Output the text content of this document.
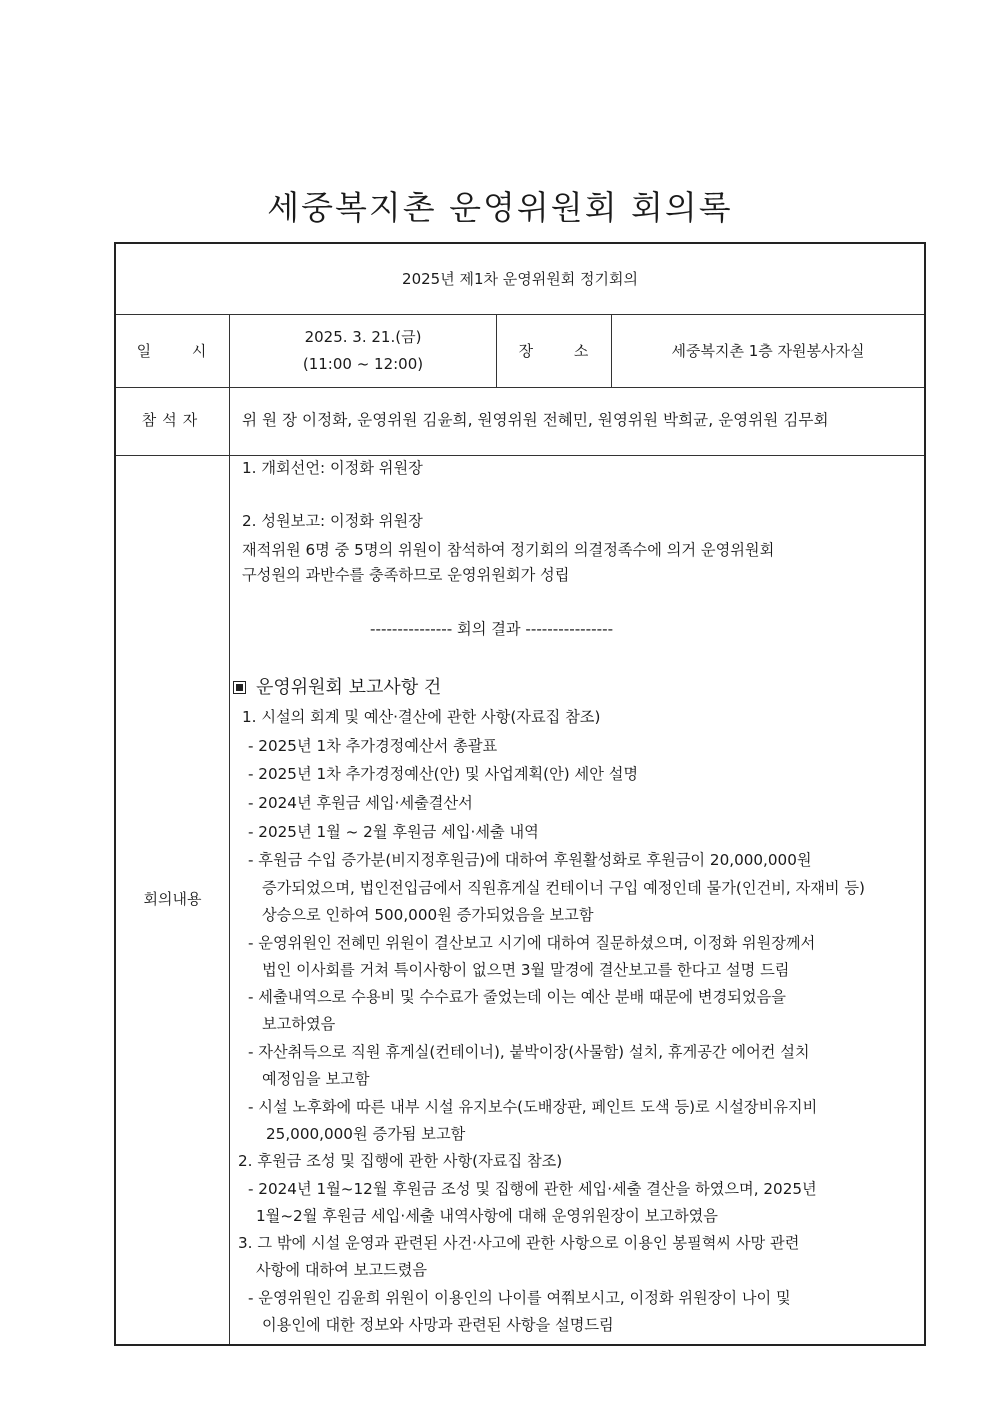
세중복지촌 운영위원회 회의록
2025년 제1차 운영위원회 정기회의
일 시
2025. 3. 21.(금)
(11:00 ~ 12:00)
장 소	세중복지촌 1층 자원봉사자실
참석자	위 원 장 이정화, 운영위원 김윤희, 원영위원 전혜민, 원영위원 박희균, 운영위원 김무회
회의내용
1. 개회선언: 이정화 위원장
2. 성원보고: 이정화 위원장
재적위원 6명 중 5명의 위원이 참석하여 정기회의 의결정족수에 의거 운영위원회
구성원의 과반수를 충족하므로 운영위원회가 성립
--------------- 회의 결과 ----------------
운영위원회 보고사항 건
1. 시설의 회계 및 예산·결산에 관한 사항(자료집 참조)
- 2025년 1차 추가경정예산서 총괄표
- 2025년 1차 추가경정예산(안) 및 사업계획(안) 세안 설명
- 2024년 후원금 세입·세출결산서
- 2025년 1월 ~ 2월 후원금 세입·세출 내역
- 후원금 수입 증가분(비지정후원금)에 대하여 후원활성화로 후원금이 20,000,000원
증가되었으며, 법인전입금에서 직원휴게실 컨테이너 구입 예정인데 물가(인건비, 자재비 등)
상승으로 인하여 500,000원 증가되었음을 보고함
- 운영위원인 전혜민 위원이 결산보고 시기에 대하여 질문하셨으며, 이정화 위원장께서
법인 이사회를 거쳐 특이사항이 없으면 3월 말경에 결산보고를 한다고 설명 드림
- 세출내역으로 수용비 및 수수료가 줄었는데 이는 예산 분배 때문에 변경되었음을
보고하였음
- 자산취득으로 직원 휴게실(컨테이너), 붙박이장(사물함) 설치, 휴게공간 에어컨 설치
예정임을 보고함
- 시설 노후화에 따른 내부 시설 유지보수(도배장판, 페인트 도색 등)로 시설장비유지비
25,000,000원 증가됨 보고함
2. 후원금 조성 및 집행에 관한 사항(자료집 참조)
- 2024년 1월~12월 후원금 조성 및 집행에 관한 세입·세출 결산을 하였으며, 2025년
1월~2월 후원금 세입·세출 내역사항에 대해 운영위원장이 보고하였음
3. 그 밖에 시설 운영과 관련된 사건·사고에 관한 사항으로 이용인 봉필혁씨 사망 관련
사항에 대하여 보고드렸음
- 운영위원인 김윤희 위원이 이용인의 나이를 여쭤보시고, 이정화 위원장이 나이 및
이용인에 대한 정보와 사망과 관련된 사항을 설명드림
